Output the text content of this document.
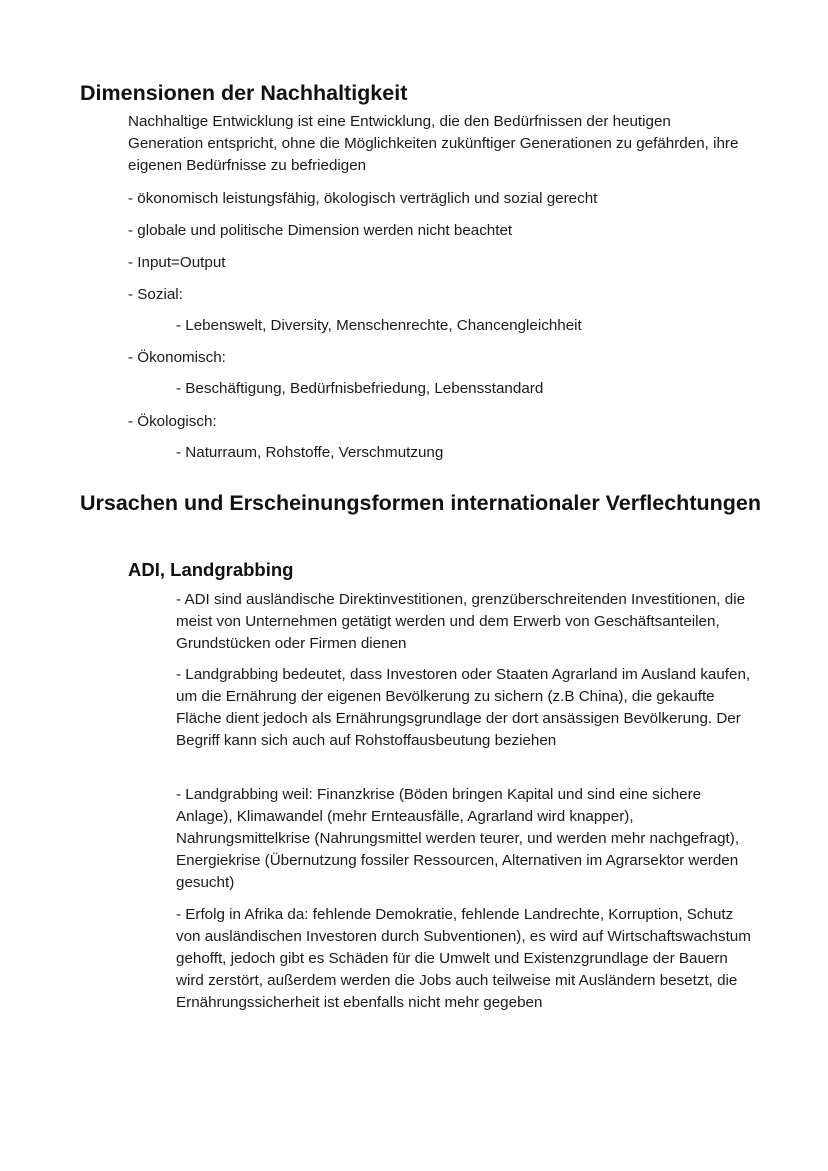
Dimensionen der Nachhaltigkeit

Nachhaltige Entwicklung ist eine Entwicklung, die den Bedürfnissen der heutigen Generation entspricht, ohne die Möglichkeiten zukünftiger Generationen zu gefährden, ihre eigenen Bedürfnisse zu befriedigen

- ökonomisch leistungsfähig, ökologisch verträglich und sozial gerecht

- globale und politische Dimension werden nicht beachtet

- Input=Output

- Sozial:

- Lebenswelt, Diversity, Menschenrechte, Chancengleichheit

- Ökonomisch:

- Beschäftigung, Bedürfnisbefriedung, Lebensstandard

- Ökologisch:

- Naturraum, Rohstoffe, Verschmutzung

Ursachen und Erscheinungsformen internationaler Verflechtungen
ADI, Landgrabbing

- ADI sind ausländische Direktinvestitionen, grenzüberschreitenden Investitionen, die meist von Unternehmen getätigt werden und dem Erwerb von Geschäftsanteilen, Grundstücken oder Firmen dienen

- Landgrabbing bedeutet, dass Investoren oder Staaten Agrarland im Ausland kaufen, um die Ernährung der eigenen Bevölkerung zu sichern (z.B China), die gekaufte Fläche dient jedoch als Ernährungsgrundlage der dort ansässigen Bevölkerung. Der Begriff kann sich auch auf Rohstoffausbeutung beziehen

- Landgrabbing weil: Finanzkrise (Böden bringen Kapital und sind eine sichere Anlage), Klimawandel (mehr Ernteausfälle, Agrarland wird knapper), Nahrungsmittelkrise (Nahrungsmittel werden teurer, und werden mehr nachgefragt), Energiekrise (Übernutzung fossiler Ressourcen, Alternativen im Agrarsektor werden gesucht)

- Erfolg in Afrika da: fehlende Demokratie, fehlende Landrechte, Korruption, Schutz von ausländischen Investoren durch Subventionen), es wird auf Wirtschaftswachstum gehofft, jedoch gibt es Schäden für die Umwelt und Existenzgrundlage der Bauern wird zerstört, außerdem werden die Jobs auch teilweise mit Ausländern besetzt, die Ernährungssicherheit ist ebenfalls nicht mehr gegeben
